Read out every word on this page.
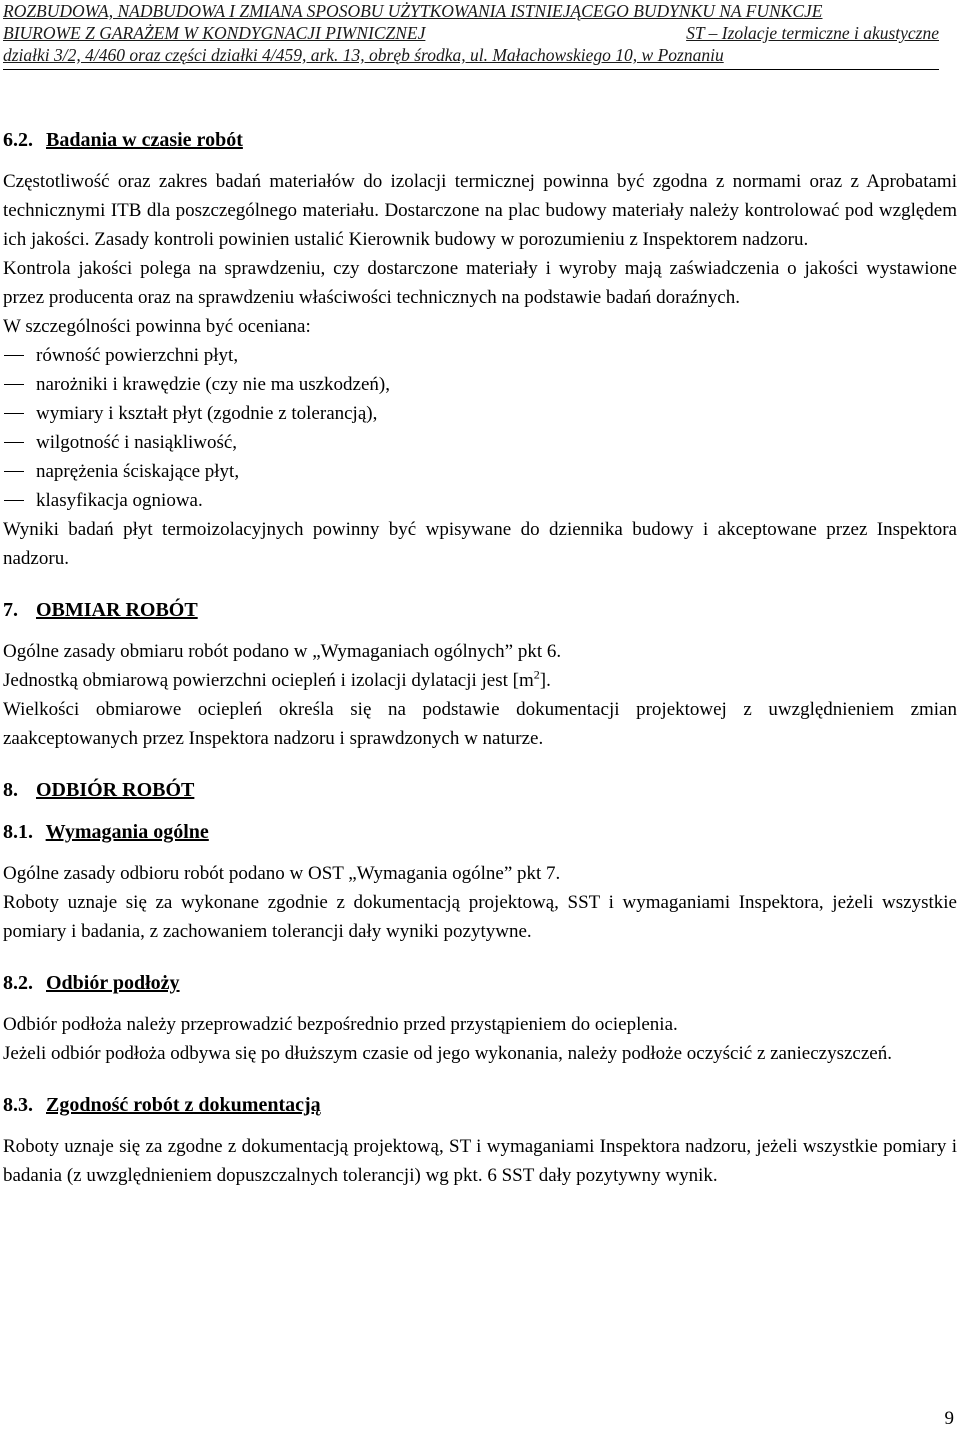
ROZBUDOWA, NADBUDOWA I ZMIANA SPOSOBU UŻYTKOWANIA ISTNIEJĄCEGO BUDYNKU NA FUNKCJE
BIUROWE Z GARAŻEM W KONDYGNACJI PIWNICZNEJ	ST – Izolacje termiczne i akustyczne
działki 3/2, 4/460 oraz części działki 4/459, ark. 13, obręb środka, ul. Małachowskiego 10, w Poznaniu
6.2. Badania w czasie robót

Częstotliwość oraz zakres badań materiałów do izolacji termicznej powinna być zgodna z normami oraz z Aprobatami technicznymi ITB dla poszczególnego materiału. Dostarczone na plac budowy materiały należy kontrolować pod względem ich jakości. Zasady kontroli powinien ustalić Kierownik budowy w porozumieniu z Inspektorem nadzoru.

Kontrola jakości polega na sprawdzeniu, czy dostarczone materiały i wyroby mają zaświadczenia o jakości wystawione przez producenta oraz na sprawdzeniu właściwości technicznych na podstawie badań doraźnych.

W szczególności powinna być oceniana:

równość powierzchni płyt,
narożniki i krawędzie (czy nie ma uszkodzeń),
wymiary i kształt płyt (zgodnie z tolerancją),
wilgotność i nasiąkliwość,
naprężenia ściskające płyt,
klasyfikacja ogniowa.

Wyniki badań płyt termoizolacyjnych powinny być wpisywane do dziennika budowy i akceptowane przez Inspektora nadzoru.

7. OBMIAR ROBÓT

Ogólne zasady obmiaru robót podano w „Wymaganiach ogólnych” pkt 6.

Jednostką obmiarową powierzchni ociepleń i izolacji dylatacji jest $[m^2]$.

Wielkości obmiarowe ociepleń określa się na podstawie dokumentacji projektowej z uwzględnieniem zmian zaakceptowanych przez Inspektora nadzoru i sprawdzonych w naturze.

8. ODBIÓR ROBÓT
8.1. Wymagania ogólne

Ogólne zasady odbioru robót podano w OST „Wymagania ogólne” pkt 7.

Roboty uznaje się za wykonane zgodnie z dokumentacją projektową, SST i wymaganiami Inspektora, jeżeli wszystkie pomiary i badania, z zachowaniem tolerancji dały wyniki pozytywne.

8.2. Odbiór podłoży

Odbiór podłoża należy przeprowadzić bezpośrednio przed przystąpieniem do ocieplenia.

Jeżeli odbiór podłoża odbywa się po dłuższym czasie od jego wykonania, należy podłoże oczyścić z zanieczyszczeń.

8.3. Zgodność robót z dokumentacją

Roboty uznaje się za zgodne z dokumentacją projektową, ST i wymaganiami Inspektora nadzoru, jeżeli wszystkie pomiary i badania (z uwzględnieniem dopuszczalnych tolerancji) wg pkt. 6 SST dały pozytywny wynik.

9
